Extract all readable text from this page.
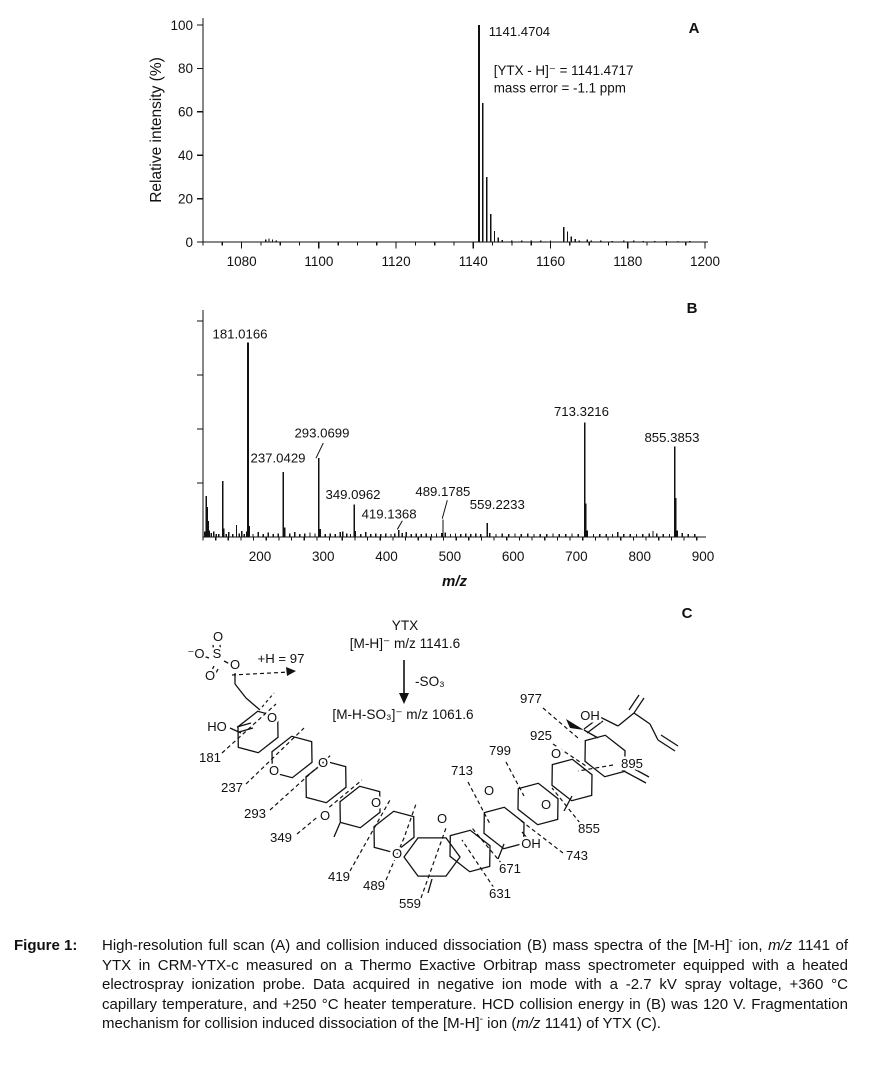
0
20
40
60
80
100
1080	1100	1120	1140	1160	1180	1200
1141.4704
[YTX - H]⁻ = 1141.4717
mass error = -1.1 ppm
Relative intensity (%)
A
200	300	400	500	600	700	800	900
181.0166
237.0429
293.0699
349.0962
419.1368
489.1785
559.2233
713.3216
855.3853
m/z
B
+H = 97
181
237
293
349
419
489
559
631
671
743
855
895
925
977
799
713
O
S
⁻O
O
O
HO
O
O
O
O
O
O
O
O
O
O
OH
OH
YTX
[M-H]⁻ m/z 1141.6
-SO₃
[M-H-SO₃]⁻ m/z 1061.6
C
Figure 1: High-resolution full scan (A) and collision induced dissociation (B) mass spectra of the [M-H]- ion, m/z 1141 of YTX in CRM-YTX-c measured on a Thermo Exactive Orbitrap mass spectrometer equipped with a heated electrospray ionization probe. Data acquired in negative ion mode with a -2.7 kV spray voltage, +360 °C capillary temperature, and +250 °C heater temperature. HCD collision energy in (B) was 120 V. Fragmentation mechanism for collision induced dissociation of the [M-H]- ion (m/z 1141) of YTX (C).
